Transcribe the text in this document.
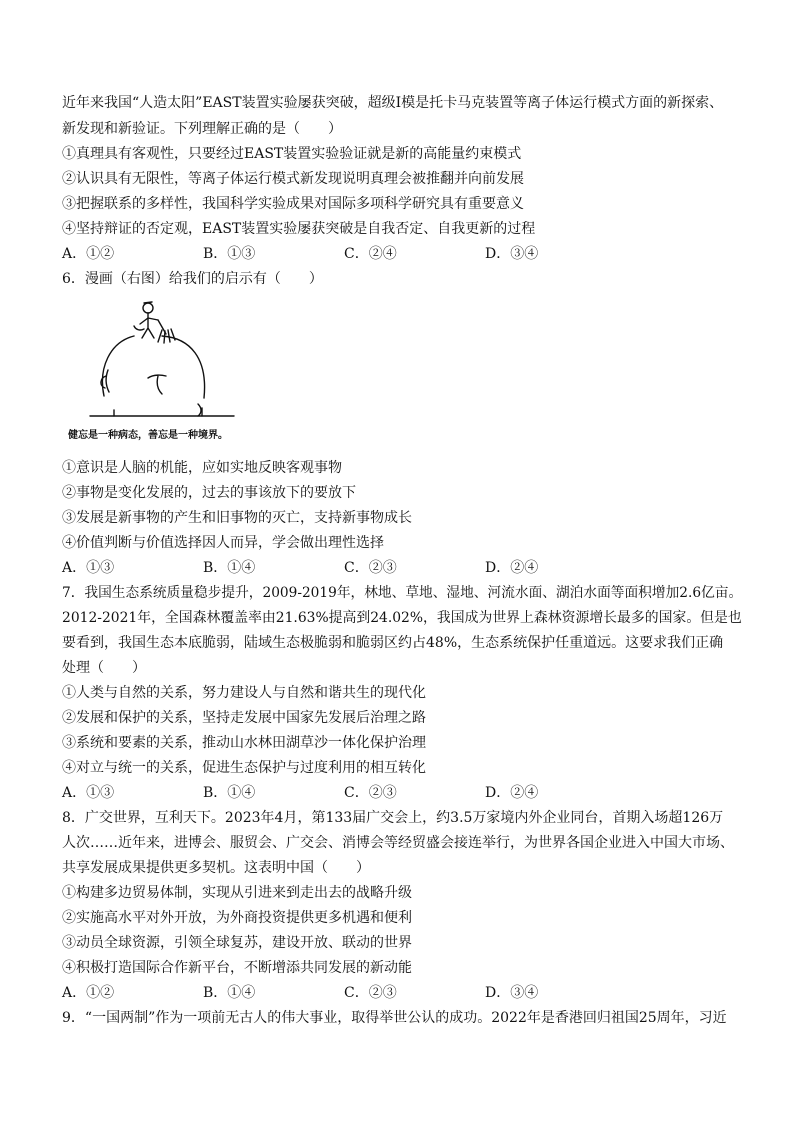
近年来我国“人造太阳”EAST装置实验屡获突破，超级Ⅰ模是托卡马克装置等离子体运行模式方面的新探索、
新发现和新验证。下列理解正确的是（　　）
①真理具有客观性，只要经过EAST装置实验验证就是新的高能量约束模式
②认识具有无限性，等离子体运行模式新发现说明真理会被推翻并向前发展
③把握联系的多样性，我国科学实验成果对国际多项科学研究具有重要意义
④坚持辩证的否定观，EAST装置实验屡获突破是自我否定、自我更新的过程
A．①②	B．①③	C．②④	D．③④
6．漫画（右图）给我们的启示有（　　）
健忘是一种病态，善忘是一种境界。
①意识是人脑的机能，应如实地反映客观事物
②事物是变化发展的，过去的事该放下的要放下
③发展是新事物的产生和旧事物的灭亡，支持新事物成长
④价值判断与价值选择因人而异，学会做出理性选择
A．①③	B．①④	C．②③	D．②④
7．我国生态系统质量稳步提升，2009-2019年，林地、草地、湿地、河流水面、湖泊水面等面积增加2.6亿亩。
2012-2021年，全国森林覆盖率由21.63%提高到24.02%，我国成为世界上森林资源增长最多的国家。但是也
要看到，我国生态本底脆弱，陆域生态极脆弱和脆弱区约占48%，生态系统保护任重道远。这要求我们正确
处理（　　）
①人类与自然的关系，努力建设人与自然和谐共生的现代化
②发展和保护的关系，坚持走发展中国家先发展后治理之路
③系统和要素的关系，推动山水林田湖草沙一体化保护治理
④对立与统一的关系，促进生态保护与过度利用的相互转化
A．①③	B．①④	C．②③	D．②④
8．广交世界，互利天下。2023年4月，第133届广交会上，约3.5万家境内外企业同台，首期入场超126万
人次……近年来，进博会、服贸会、广交会、消博会等经贸盛会接连举行，为世界各国企业进入中国大市场、
共享发展成果提供更多契机。这表明中国（　　）
①构建多边贸易体制，实现从引进来到走出去的战略升级
②实施高水平对外开放，为外商投资提供更多机遇和便利
③动员全球资源，引领全球复苏，建设开放、联动的世界
④积极打造国际合作新平台，不断增添共同发展的新动能
A．①②	B．①④	C．②③	D．③④
9．“一国两制”作为一项前无古人的伟大事业，取得举世公认的成功。2022年是香港回归祖国25周年，习近
